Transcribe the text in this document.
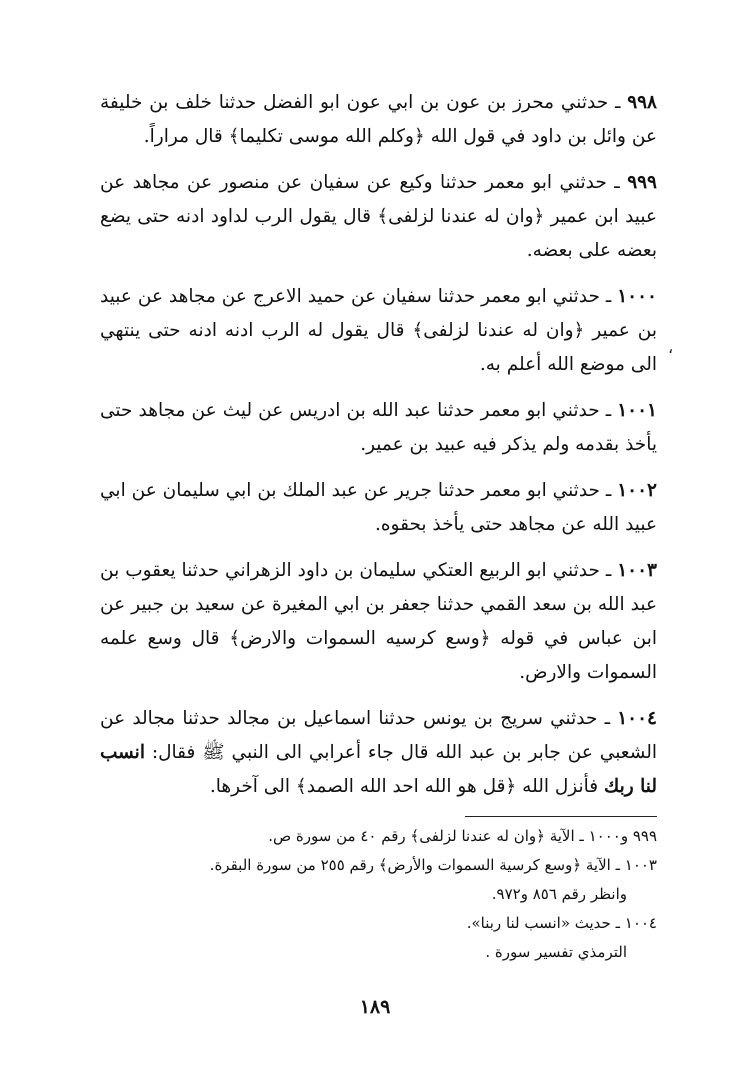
٩٩٨ ـ حدثني محرز بن عون بن ابي عون ابو الفضل حدثنا خلف بن خليفة عن وائل بن داود في قول الله ﴿وكلم الله موسى تكليما﴾ قال مراراً.

٩٩٩ ـ حدثني ابو معمر حدثنا وكيع عن سفيان عن منصور عن مجاهد عن عبيد ابن عمير ﴿وان له عندنا لزلفى﴾ قال يقول الرب لداود ادنه حتى يضع بعضه على بعضه.

١٠٠٠ ـ حدثني ابو معمر حدثنا سفيان عن حميد الاعرج عن مجاهد عن عبيد بن عمير ﴿وان له عندنا لزلفى﴾ قال يقول له الرب ادنه ادنه حتى ينتهي الى موضع الله أعلم به.

١٠٠١ ـ حدثني ابو معمر حدثنا عبد الله بن ادريس عن ليث عن مجاهد حتى يأخذ بقدمه ولم يذكر فيه عبيد بن عمير.

١٠٠٢ ـ حدثني ابو معمر حدثنا جرير عن عبد الملك بن ابي سليمان عن ابي عبيد الله عن مجاهد حتى يأخذ بحقوه.

١٠٠٣ ـ حدثني ابو الربيع العتكي سليمان بن داود الزهراني حدثنا يعقوب بن عبد الله بن سعد القمي حدثنا جعفر بن ابي المغيرة عن سعيد بن جبير عن ابن عباس في قوله ﴿وسع كرسيه السموات والارض﴾ قال وسع علمه السموات والارض.

١٠٠٤ ـ حدثني سريج بن يونس حدثنا اسماعيل بن مجالد حدثنا مجالد عن الشعبي عن جابر بن عبد الله قال جاء أعرابي الى النبي ﷺ فقال: انسب لنا ربك فأنزل الله ﴿قل هو الله احد الله الصمد﴾ الى آخرها.

،

٩٩٩ و١٠٠٠ ـ الآية ﴿وان له عندنا لزلفى﴾ رقم ٤٠ من سورة ص.

١٠٠٣ ـ الآية ﴿وسع كرسية السموات والأرض﴾ رقم ٢٥٥ من سورة البقرة.

وانظر رقم ٨٥٦ و٩٧٢.

١٠٠٤ ـ حديث «انسب لنا ربنا».

الترمذي تفسير سورة .

١٨٩
